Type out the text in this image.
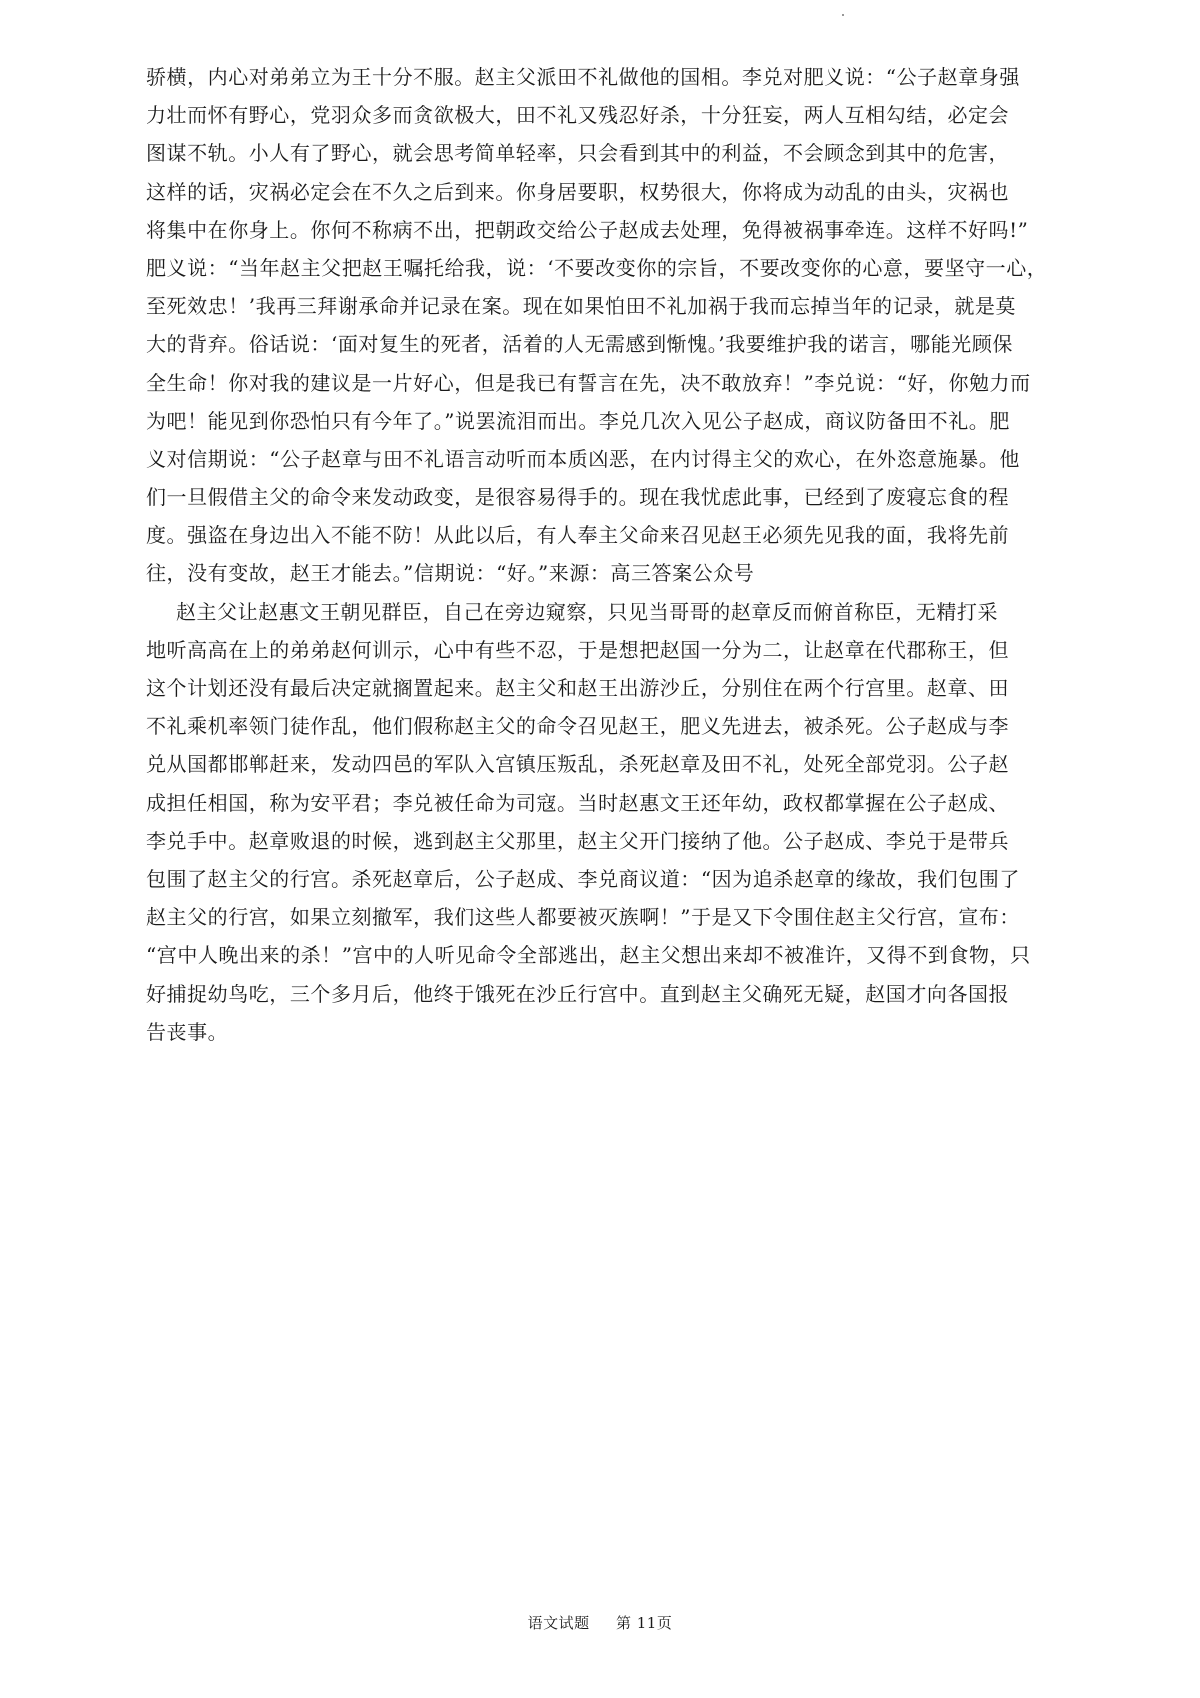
骄横，内心对弟弟立为王十分不服。赵主父派田不礼做他的国相。李兑对肥义说：“公子赵章身强
力壮而怀有野心，党羽众多而贪欲极大，田不礼又残忍好杀，十分狂妄，两人互相勾结，必定会
图谋不轨。小人有了野心，就会思考简单轻率，只会看到其中的利益，不会顾念到其中的危害，
这样的话，灾祸必定会在不久之后到来。你身居要职，权势很大，你将成为动乱的由头，灾祸也
将集中在你身上。你何不称病不出，把朝政交给公子赵成去处理，免得被祸事牵连。这样不好吗!”
肥义说：“当年赵主父把赵王嘱托给我，说：‘不要改变你的宗旨，不要改变你的心意，要坚守一心，
至死效忠！’我再三拜谢承命并记录在案。现在如果怕田不礼加祸于我而忘掉当年的记录，就是莫
大的背弃。俗话说：‘面对复生的死者，活着的人无需感到惭愧。’我要维护我的诺言，哪能光顾保
全生命！你对我的建议是一片好心，但是我已有誓言在先，决不敢放弃！”李兑说：“好，你勉力而
为吧！能见到你恐怕只有今年了。”说罢流泪而出。李兑几次入见公子赵成，商议防备田不礼。肥
义对信期说：“公子赵章与田不礼语言动听而本质凶恶，在内讨得主父的欢心，在外恣意施暴。他
们一旦假借主父的命令来发动政变，是很容易得手的。现在我忧虑此事，已经到了废寝忘食的程
度。强盗在身边出入不能不防！从此以后，有人奉主父命来召见赵王必须先见我的面，我将先前
往，没有变故，赵王才能去。”信期说：“好。”来源：高三答案公众号
赵主父让赵惠文王朝见群臣，自己在旁边窥察，只见当哥哥的赵章反而俯首称臣，无精打采
地听高高在上的弟弟赵何训示，心中有些不忍，于是想把赵国一分为二，让赵章在代郡称王，但
这个计划还没有最后决定就搁置起来。赵主父和赵王出游沙丘，分别住在两个行宫里。赵章、田
不礼乘机率领门徒作乱，他们假称赵主父的命令召见赵王，肥义先进去，被杀死。公子赵成与李
兑从国都邯郸赶来，发动四邑的军队入宫镇压叛乱，杀死赵章及田不礼，处死全部党羽。公子赵
成担任相国，称为安平君；李兑被任命为司寇。当时赵惠文王还年幼，政权都掌握在公子赵成、
李兑手中。赵章败退的时候，逃到赵主父那里，赵主父开门接纳了他。公子赵成、李兑于是带兵
包围了赵主父的行宫。杀死赵章后，公子赵成、李兑商议道：“因为追杀赵章的缘故，我们包围了
赵主父的行宫，如果立刻撤军，我们这些人都要被灭族啊！”于是又下令围住赵主父行宫，宣布：
“宫中人晚出来的杀！”宫中的人听见命令全部逃出，赵主父想出来却不被准许，又得不到食物，只
好捕捉幼鸟吃，三个多月后，他终于饿死在沙丘行宫中。直到赵主父确死无疑，赵国才向各国报
告丧事。
语文试题 第 11页
